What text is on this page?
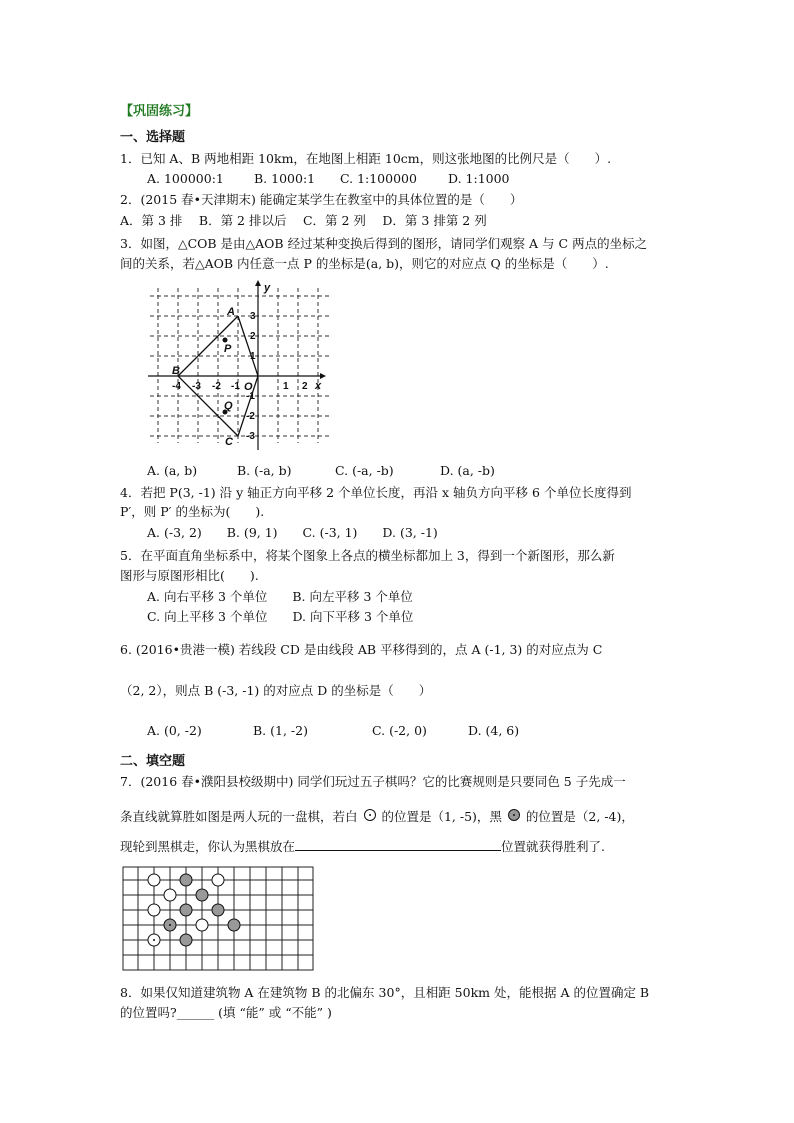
【巩固练习】
一、选择题
1．已知 A、B 两地相距 10km，在地图上相距 10cm，则这张地图的比例尺是（　　）.
A. 100000:1 B. 1000:1 C. 1:100000 D. 1:1000
2．(2015 春•天津期末) 能确定某学生在教室中的具体位置的是（　　）
A．第 3 排　 B．第 2 排以后　 C．第 2 列　 D．第 3 排第 2 列
3．如图，△COB 是由△AOB 经过某种变换后得到的图形，请同学们观察 A 与 C 两点的坐标之
间的关系，若△AOB 内任意一点 P 的坐标是(a, b)，则它的对应点 Q 的坐标是（　　）.
y
x
O
A
B
C
P
Q
-4 -3 -2 -1	1 2
3
2
1
-1
-2
-3
A. (a, b)	B. (-a, b)	C. (-a, -b)	D. (a, -b)
4．若把 P(3, -1) 沿 y 轴正方向平移 2 个单位长度，再沿 x 轴负方向平移 6 个单位长度得到
P′，则 P′ 的坐标为(　　).
A. (-3, 2)　　B. (9, 1)　　C. (-3, 1)　　D. (3, -1)
5．在平面直角坐标系中，将某个图象上各点的横坐标都加上 3，得到一个新图形，那么新
图形与原图形相比(　　).
A. 向右平移 3 个单位　　B. 向左平移 3 个单位
C. 向上平移 3 个单位　　D. 向下平移 3 个单位
6. (2016•贵港一模) 若线段 CD 是由线段 AB 平移得到的，点 A (-1, 3) 的对应点为 C
（2, 2），则点 B (-3, -1) 的对应点 D 的坐标是（　　）
A. (0, -2)	B. (1, -2)	C. (-2, 0)	D. (4, 6)
二、填空题
7．(2016 春•濮阳县校级期中) 同学们玩过五子棋吗？它的比赛规则是只要同色 5 子先成一
条直线就算胜如图是两人玩的一盘棋，若白 的位置是（1, -5)，黑 的位置是（2, -4)，
现轮到黑棋走，你认为黑棋放在	位置就获得胜利了.
8．如果仅知道建筑物 A 在建筑物 B 的北偏东 30°，且相距 50km 处，能根据 A 的位置确定 B
的位置吗?______ (填 “能” 或 “不能” )
